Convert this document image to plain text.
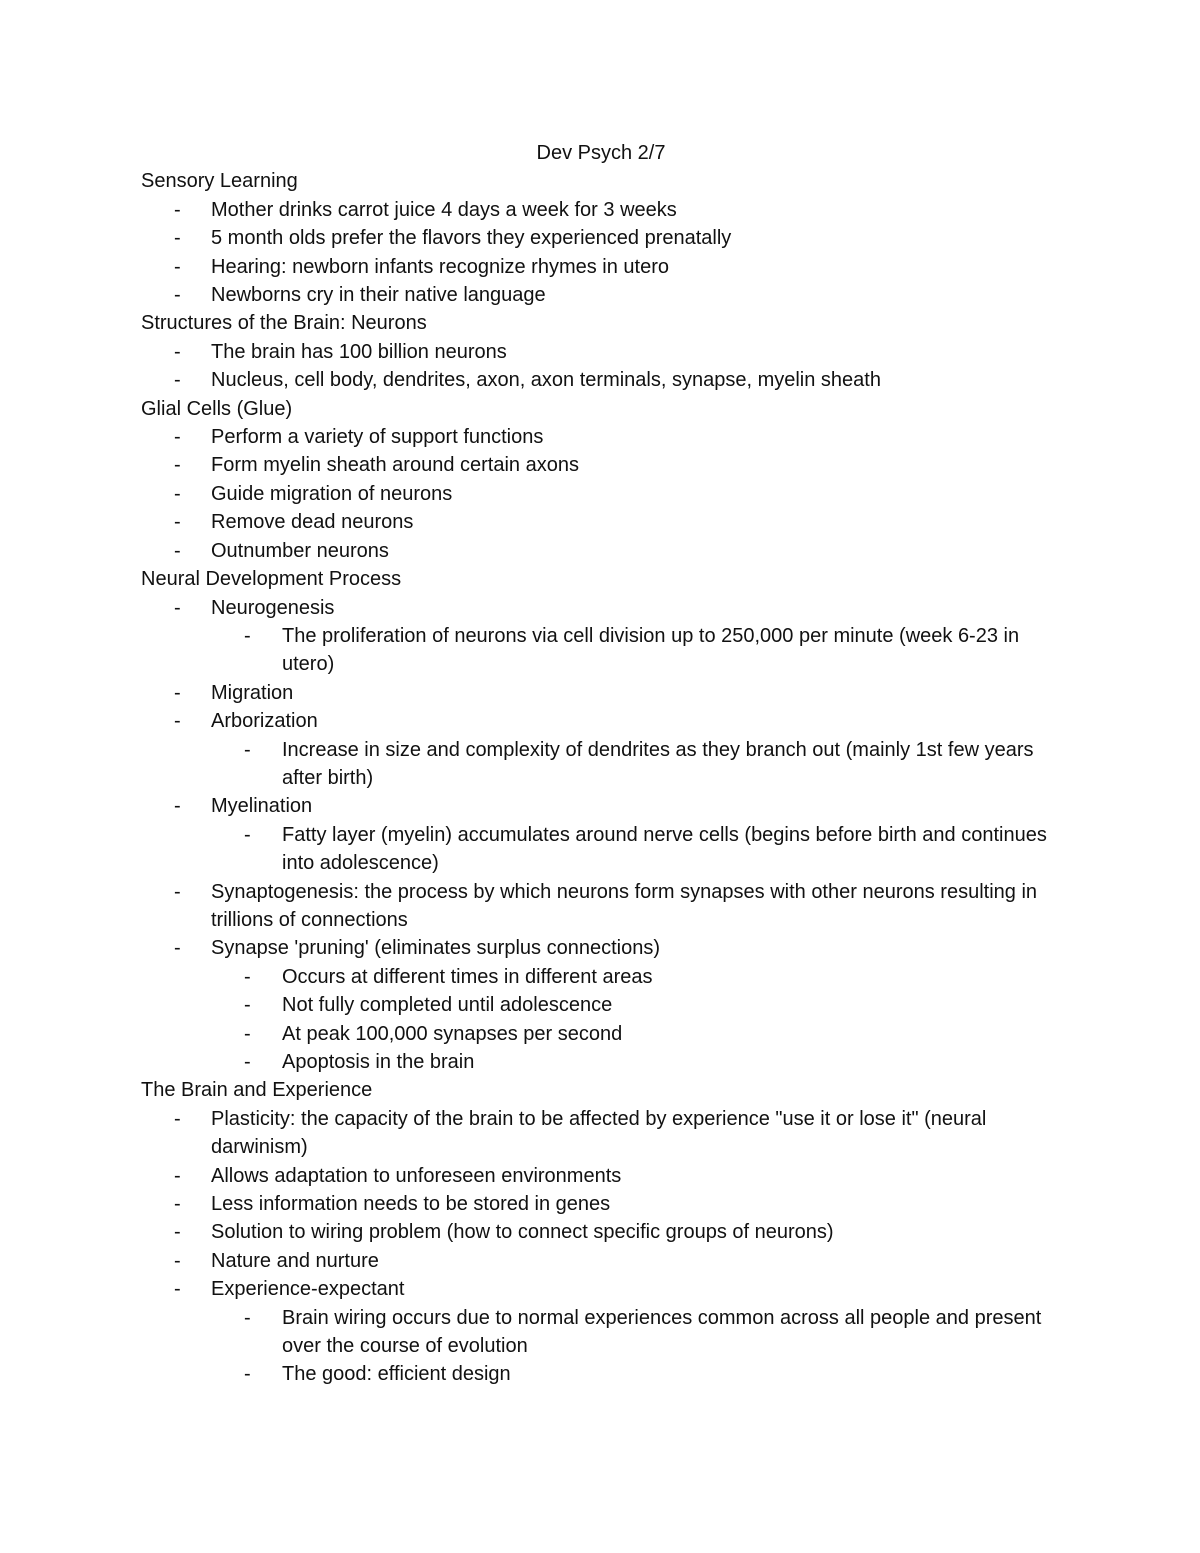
Dev Psych 2/7
Sensory Learning
- Mother drinks carrot juice 4 days a week for 3 weeks
- 5 month olds prefer the flavors they experienced prenatally
- Hearing: newborn infants recognize rhymes in utero
- Newborns cry in their native language
Structures of the Brain: Neurons
- The brain has 100 billion neurons
- Nucleus, cell body, dendrites, axon, axon terminals, synapse, myelin sheath
Glial Cells (Glue)
- Perform a variety of support functions
- Form myelin sheath around certain axons
- Guide migration of neurons
- Remove dead neurons
- Outnumber neurons
Neural Development Process
- Neurogenesis
- The proliferation of neurons via cell division up to 250,000 per minute (week 6-23 in utero)
- Migration
- Arborization
- Increase in size and complexity of dendrites as they branch out (mainly 1st few years after birth)
- Myelination
- Fatty layer (myelin) accumulates around nerve cells (begins before birth and continues into adolescence)
- Synaptogenesis: the process by which neurons form synapses with other neurons resulting in trillions of connections
- Synapse 'pruning' (eliminates surplus connections)
- Occurs at different times in different areas
- Not fully completed until adolescence
- At peak 100,000 synapses per second
- Apoptosis in the brain
The Brain and Experience
- Plasticity: the capacity of the brain to be affected by experience "use it or lose it" (neural darwinism)
- Allows adaptation to unforeseen environments
- Less information needs to be stored in genes
- Solution to wiring problem (how to connect specific groups of neurons)
- Nature and nurture
- Experience-expectant
- Brain wiring occurs due to normal experiences common across all people and present over the course of evolution
- The good: efficient design
